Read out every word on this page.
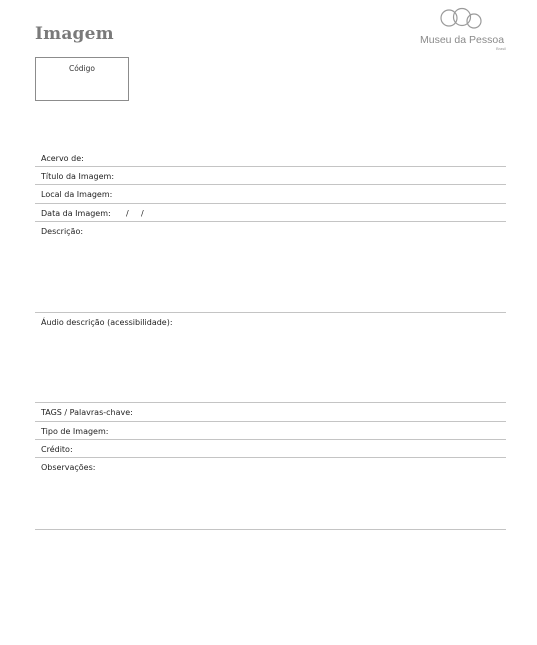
Imagem	Museu da Pessoa
Brasil
Código
Acervo de:
Título da Imagem:
Local da Imagem:
Data da Imagem: / /
Descrição:
Áudio descrição (acessibilidade):
TAGS / Palavras-chave:
Tipo de Imagem:
Crédito:
Observações:
